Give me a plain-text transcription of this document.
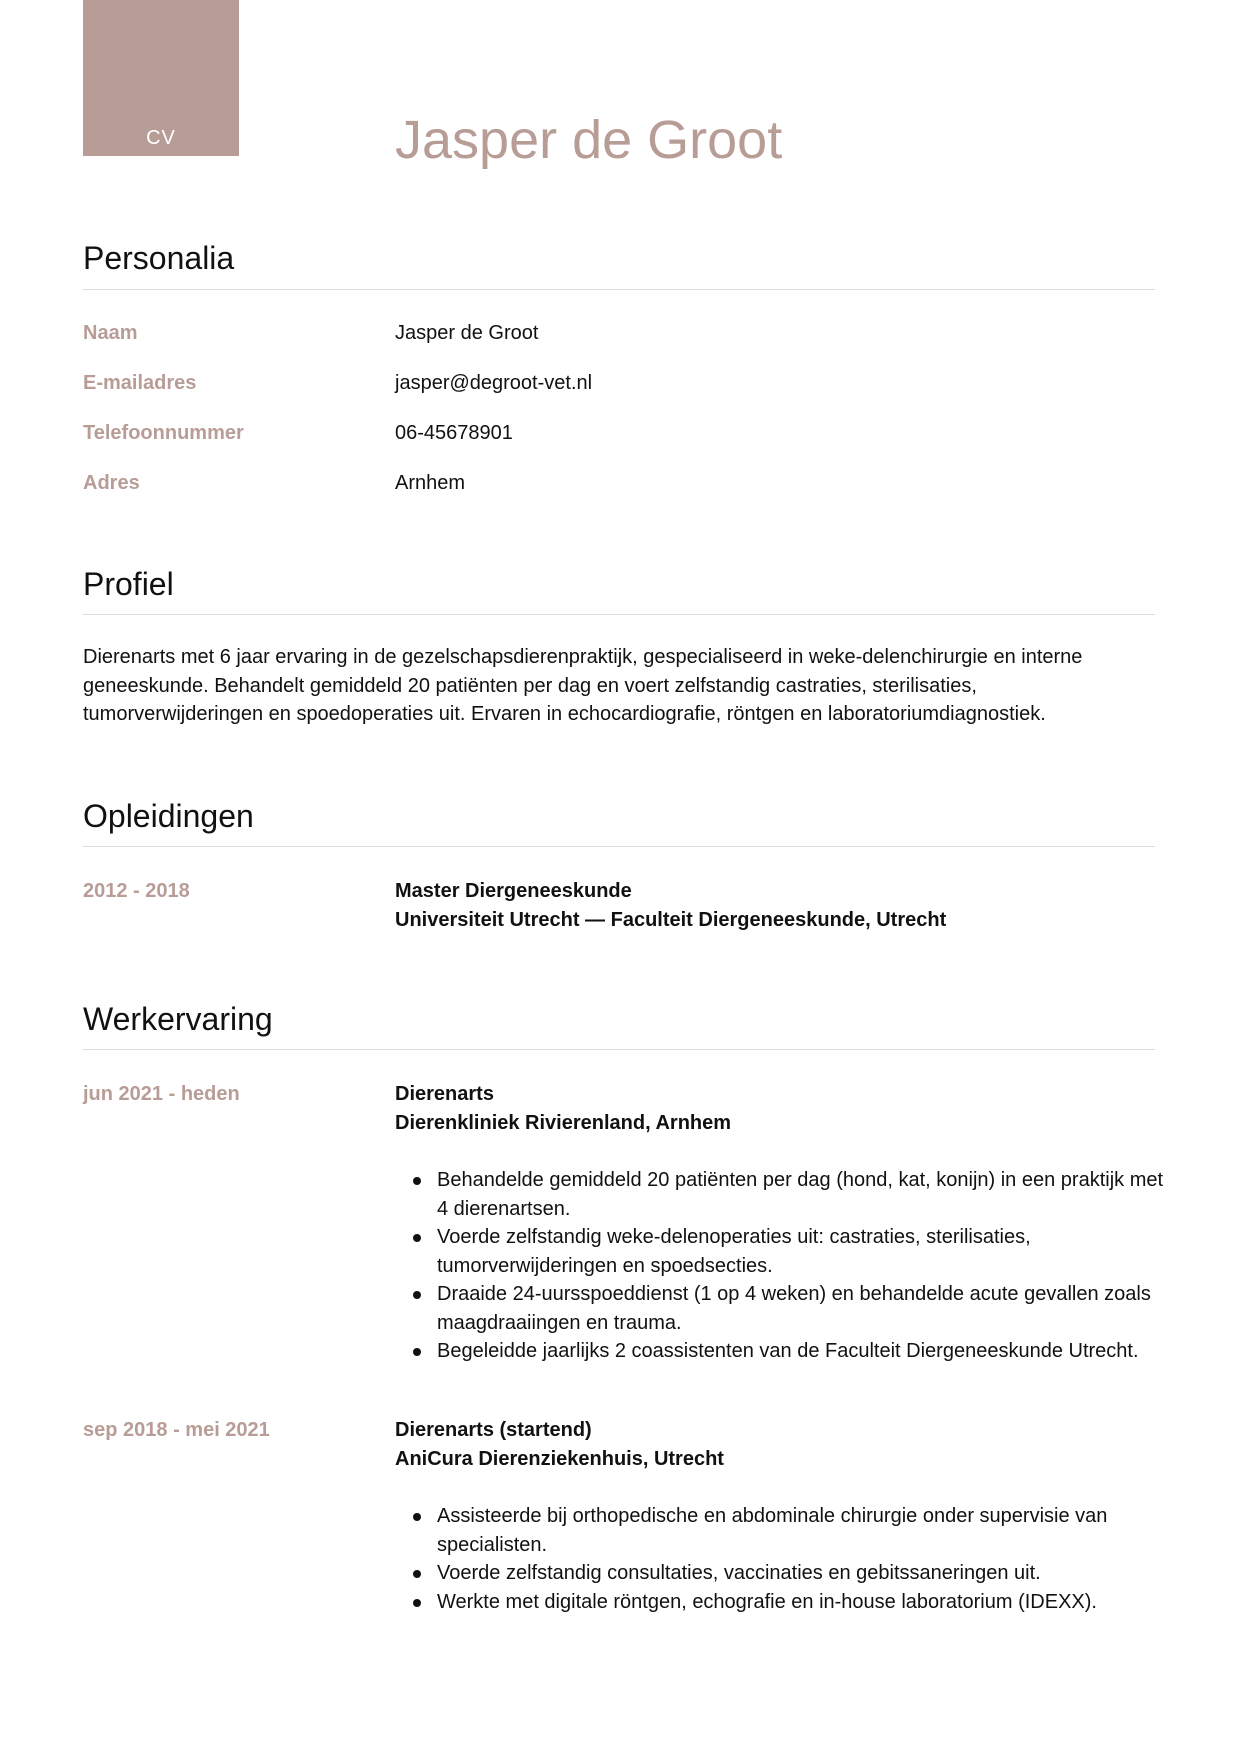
CV	Jasper de Groot
Personalia
Naam	Jasper de Groot
E-mailadres	jasper@degroot-vet.nl
Telefoonnummer	06-45678901
Adres	Arnhem
Profiel

Dierenarts met 6 jaar ervaring in de gezelschapsdierenpraktijk, gespecialiseerd in weke-delenchirurgie en interne geneeskunde. Behandelt gemiddeld 20 patiënten per dag en voert zelfstandig castraties, sterilisaties, tumorverwijderingen en spoedoperaties uit. Ervaren in echocardiografie, röntgen en laboratoriumdiagnostiek.

Opleidingen
2012 - 2018	Master Diergeneeskunde
Universiteit Utrecht — Faculteit Diergeneeskunde, Utrecht
Werkervaring
jun 2021 - heden	Dierenarts
Dierenkliniek Rivierenland, Arnhem
Behandelde gemiddeld 20 patiënten per dag (hond, kat, konijn) in een praktijk met 4 dierenartsen.
Voerde zelfstandig weke-delenoperaties uit: castraties, sterilisaties, tumorverwijderingen en spoedsecties.
Draaide 24-uursspoeddienst (1 op 4 weken) en behandelde acute gevallen zoals maagdraaiingen en trauma.
Begeleidde jaarlijks 2 coassistenten van de Faculteit Diergeneeskunde Utrecht.
sep 2018 - mei 2021	Dierenarts (startend)
AniCura Dierenziekenhuis, Utrecht
Assisteerde bij orthopedische en abdominale chirurgie onder supervisie van specialisten.
Voerde zelfstandig consultaties, vaccinaties en gebitssaneringen uit.
Werkte met digitale röntgen, echografie en in-house laboratorium (IDEXX).
